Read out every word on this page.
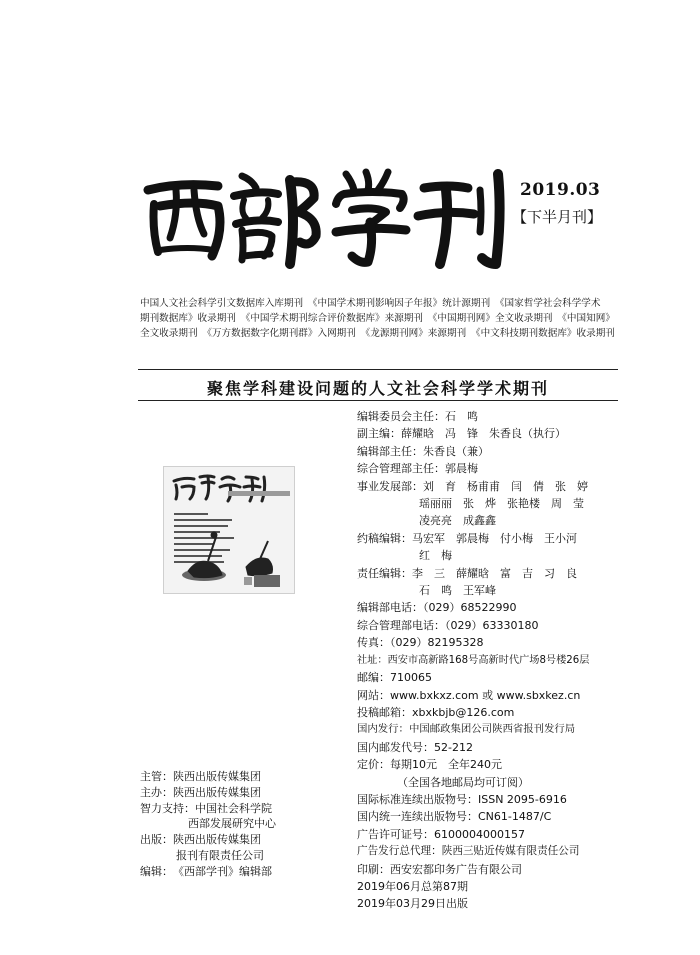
2019.03
【下半月刊】
中国人文社会科学引文数据库入库期刊　《中国学术期刊影响因子年报》统计源期刊　《国家哲学社会科学学术
期刊数据库》收录期刊　《中国学术期刊综合评价数据库》来源期刊　《中国期刊网》全文收录期刊　《中国知网》
全文收录期刊　《万方数据数字化期刊群》入网期刊　《龙源期刊网》来源期刊　《中文科技期刊数据库》收录期刊
聚焦学科建设问题的人文社会科学学术期刊
主管： 陕西出版传媒集团
主办： 陕西出版传媒集团
智力支持： 中国社会科学院
西部发展研究中心
出版： 陕西出版传媒集团
报刊有限责任公司
编辑： 《西部学刊》编辑部
编辑委员会主任：石　鸣
副主编：薛耀晗　冯　锋　朱香良（执行）
编辑部主任：朱香良（兼）
综合管理部主任：郭晨梅
事业发展部：刘　育　杨甫甫　闫　倩　张　婷
瑶丽丽　张　烨　张艳楼　周　莹
凌亮亮　成鑫鑫
约稿编辑：马宏军　郭晨梅　付小梅　王小河
红　梅
责任编辑：李　三　薛耀晗　富　吉　习　良
石　鸣　王军峰
编辑部电话：（029）68522990
综合管理部电话：（029）63330180
传真：（029）82195328
社址：西安市高新路168号高新时代广场8号楼26层
邮编：710065
网站：www.bxkxz.com 或 www.sbxkez.cn
投稿邮箱：xbxkbjb@126.com
国内发行：中国邮政集团公司陕西省报刊发行局
国内邮发代号：52-212
定价：每期10元　全年240元
（全国各地邮局均可订阅）
国际标准连续出版物号：ISSN 2095-6916
国内统一连续出版物号：CN61-1487/C
广告许可证号：6100004000157
广告发行总代理：陕西三贴近传媒有限责任公司
印刷：西安宏都印务广告有限公司
2019年06月总第87期
2019年03月29日出版
